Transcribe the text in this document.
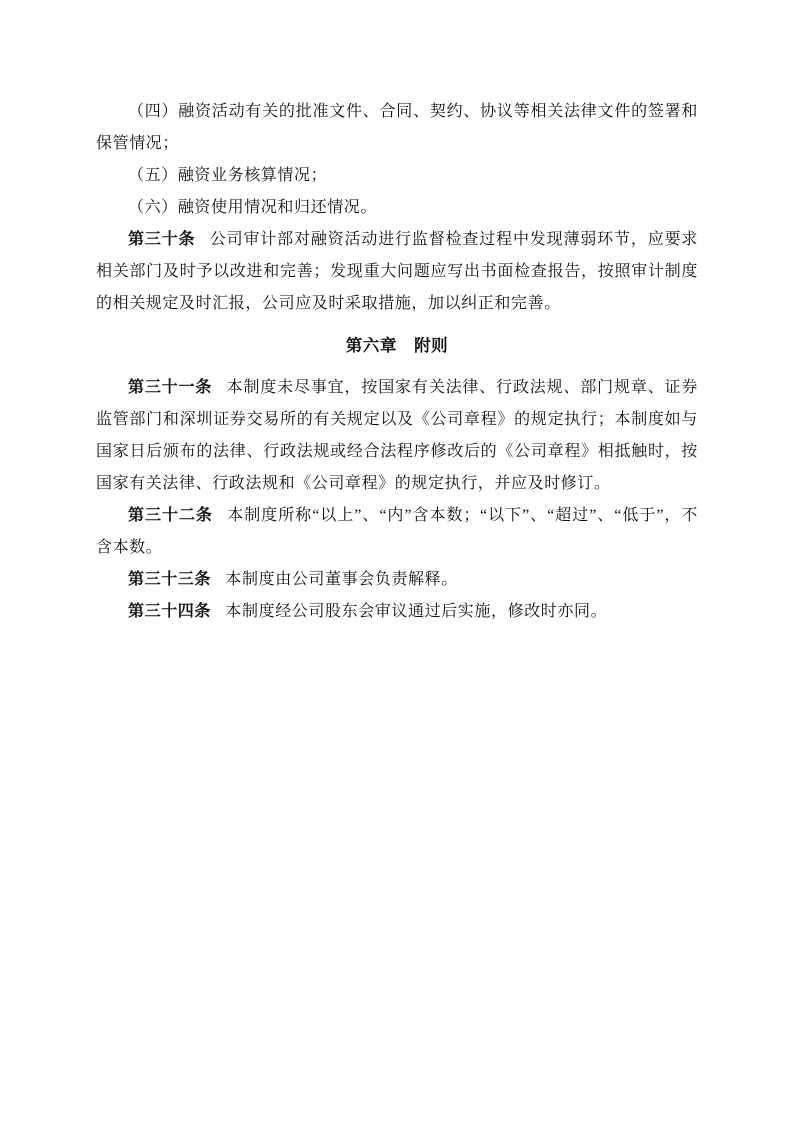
（四）融资活动有关的批准文件、合同、契约、协议等相关法律文件的签署和保管情况；

（五）融资业务核算情况；

（六）融资使用情况和归还情况。

第三十条 公司审计部对融资活动进行监督检查过程中发现薄弱环节，应要求相关部门及时予以改进和完善；发现重大问题应写出书面检查报告，按照审计制度的相关规定及时汇报，公司应及时采取措施，加以纠正和完善。

第六章　附则

第三十一条 本制度未尽事宜，按国家有关法律、行政法规、部门规章、证券监管部门和深圳证券交易所的有关规定以及《公司章程》的规定执行；本制度如与国家日后颁布的法律、行政法规或经合法程序修改后的《公司章程》相抵触时，按国家有关法律、行政法规和《公司章程》的规定执行，并应及时修订。

第三十二条 本制度所称“以上”、“内”含本数；“以下”、“超过”、“低于”，不含本数。

第三十三条 本制度由公司董事会负责解释。

第三十四条 本制度经公司股东会审议通过后实施，修改时亦同。
